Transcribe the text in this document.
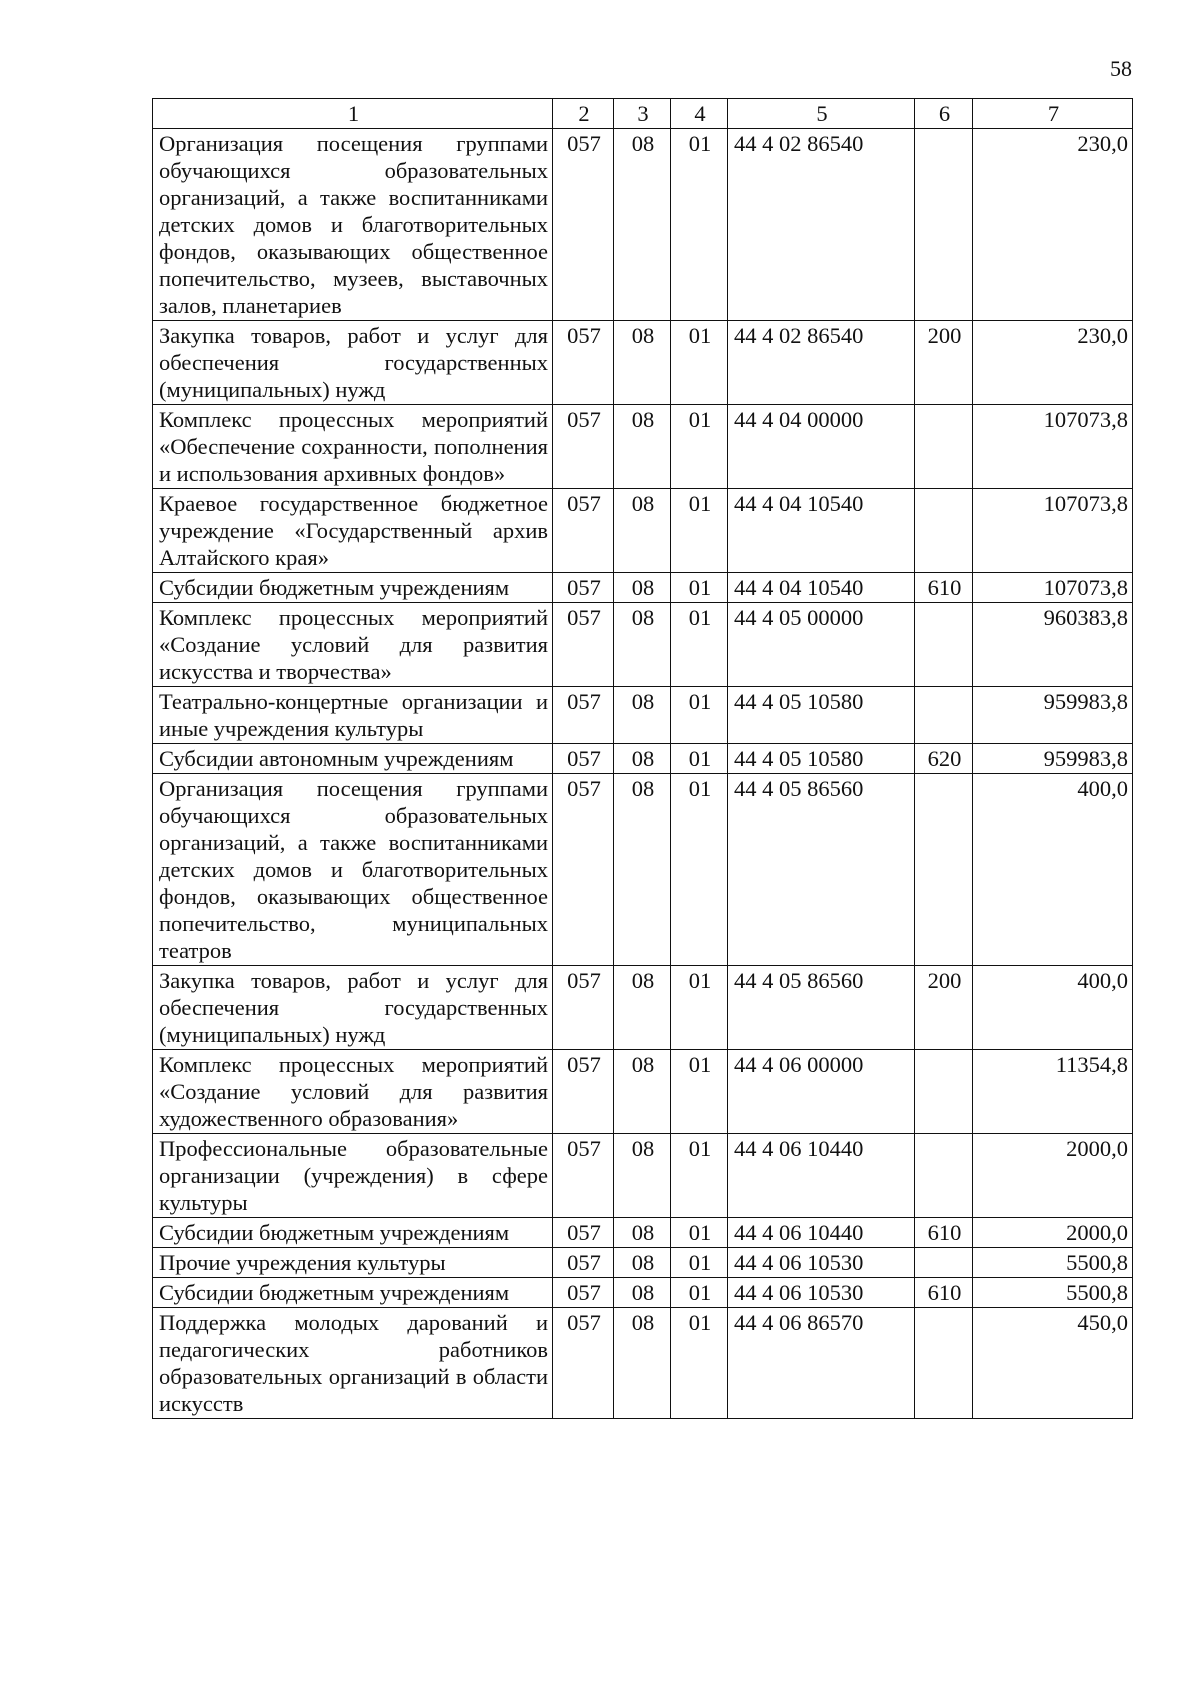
58
1	2	3	4	5	6	7
Организация посещения группами обучающихся образовательных организаций, а также воспитанниками детских домов и благотворительных фондов, оказывающих общественное попечительство, музеев, выставочных залов, планетариев	057	08	01	44 4 02 86540		230,0
Закупка товаров, работ и услуг для обеспечения государственных (муниципальных) нужд	057	08	01	44 4 02 86540	200	230,0
Комплекс процессных мероприятий «Обеспечение сохранности, пополнения и использования архивных фондов»	057	08	01	44 4 04 00000		107073,8
Краевое государственное бюджетное учреждение «Государственный архив Алтайского края»	057	08	01	44 4 04 10540		107073,8
Субсидии бюджетным учреждениям	057	08	01	44 4 04 10540	610	107073,8
Комплекс процессных мероприятий «Создание условий для развития искусства и творчества»	057	08	01	44 4 05 00000		960383,8
Театрально-концертные организации и иные учреждения культуры	057	08	01	44 4 05 10580		959983,8
Субсидии автономным учреждениям	057	08	01	44 4 05 10580	620	959983,8
Организация посещения группами обучающихся образовательных организаций, а также воспитанниками детских домов и благотворительных фондов, оказывающих общественное попечительство, муниципальных театров	057	08	01	44 4 05 86560		400,0
Закупка товаров, работ и услуг для обеспечения государственных (муниципальных) нужд	057	08	01	44 4 05 86560	200	400,0
Комплекс процессных мероприятий «Создание условий для развития художественного образования»	057	08	01	44 4 06 00000		11354,8
Профессиональные образовательные организации (учреждения) в сфере культуры	057	08	01	44 4 06 10440		2000,0
Субсидии бюджетным учреждениям	057	08	01	44 4 06 10440	610	2000,0
Прочие учреждения культуры	057	08	01	44 4 06 10530		5500,8
Субсидии бюджетным учреждениям	057	08	01	44 4 06 10530	610	5500,8
Поддержка молодых дарований и педагогических работников образовательных организаций в области искусств	057	08	01	44 4 06 86570		450,0
